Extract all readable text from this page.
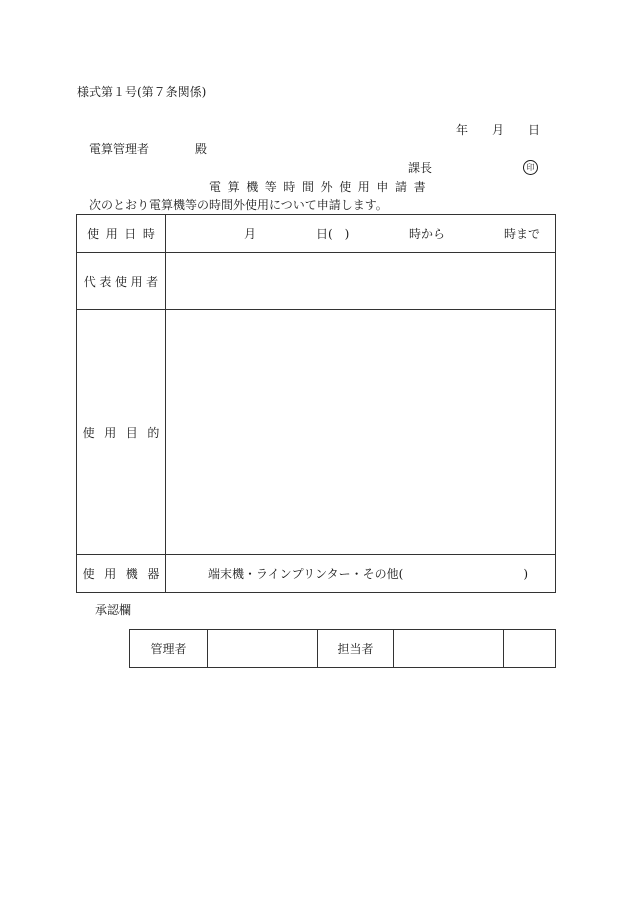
様式第１号(第７条関係)
年 月 日
電算管理者	殿
課長	印
電算機等時間外使用申請書
次のとおり電算機等の時間外使用について申請します。
使用日時	月 日(　) 時から 時まで

代表使用者	
使用目的	
使用機器	端末機・ラインプリンター・その他(　　　　　　　　　　)
承認欄
管理者		担当者		
